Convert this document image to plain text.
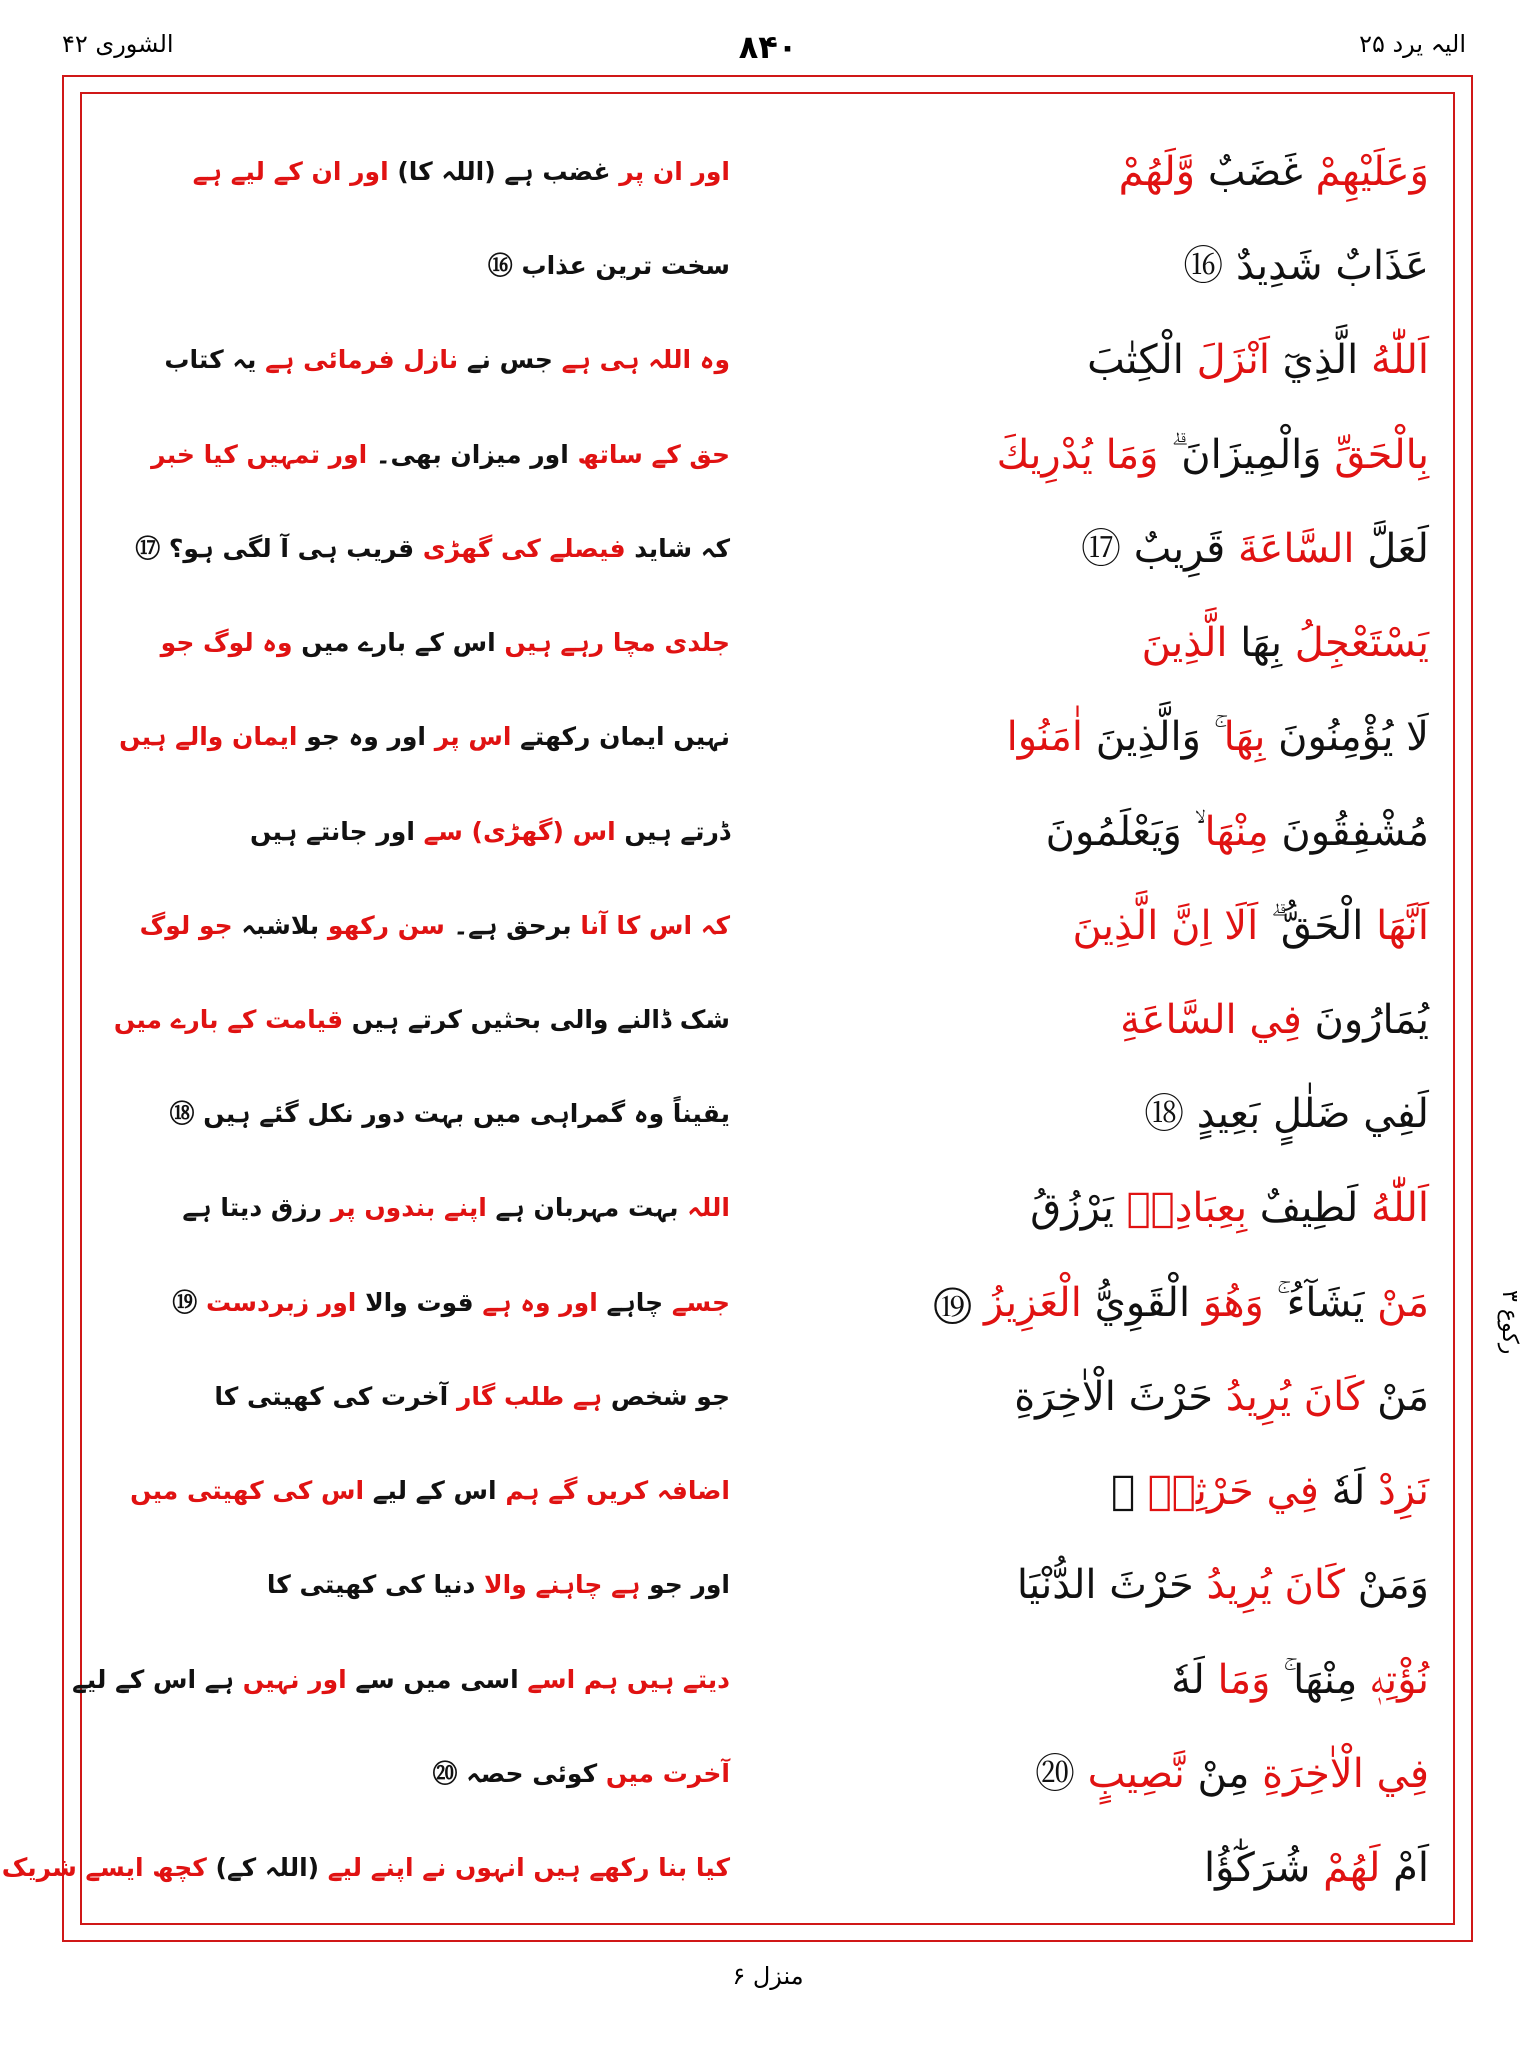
الیہ یرد ۲۵
۸۴۰
الشوری ۴۲
رکوع ۳
اور ان پر غضب ہے (اللہ کا) اور ان کے لیے ہے	وَعَلَيْهِمْ غَضَبٌ وَّلَهُمْ
سخت ترین عذاب ⑯	عَذَابٌ شَدِيدٌ ⑯
وہ اللہ ہی ہے جس نے نازل فرمائی ہے یہ کتاب	اَللّٰهُ الَّذِيٓ اَنْزَلَ الْكِتٰبَ
حق کے ساتھ اور میزان بھی۔ اور تمہیں کیا خبر	بِالْحَقِّ وَالْمِيزَانَ ۗ وَمَا يُدْرِيكَ
کہ شاید فیصلے کی گھڑی قریب ہی آ لگی ہو؟ ⑰	لَعَلَّ السَّاعَةَ قَرِيبٌ ⑰
جلدی مچا رہے ہیں اس کے بارے میں وہ لوگ جو	يَسْتَعْجِلُ بِهَا الَّذِينَ
نہیں ایمان رکھتے اس پر اور وہ جو ایمان والے ہیں	لَا يُؤْمِنُونَ بِهَا ۚ وَالَّذِينَ اٰمَنُوا
ڈرتے ہیں اس (گھڑی) سے اور جانتے ہیں	مُشْفِقُونَ مِنْهَا ۙ وَيَعْلَمُونَ
کہ اس کا آنا برحق ہے۔ سن رکھو بلاشبہ جو لوگ	اَنَّهَا الْحَقُّ ۗ اَلَا اِنَّ الَّذِينَ
شک ڈالنے والی بحثیں کرتے ہیں قیامت کے بارے میں	يُمَارُونَ فِي السَّاعَةِ
یقیناً وہ گمراہی میں بہت دور نکل گئے ہیں ⑱	لَفِي ضَلٰلٍ بَعِيدٍ ⑱
اللہ بہت مہربان ہے اپنے بندوں پر رزق دیتا ہے	اَللّٰهُ لَطِيفٌ بِعِبَادِهٖ يَرْزُقُ
جسے چاہے اور وہ ہے قوت والا اور زبردست ⑲	مَنْ يَشَآءُ ۚ وَهُوَ الْقَوِيُّ الْعَزِيزُ ⑲
جو شخص ہے طلب گار آخرت کی کھیتی کا	مَنْ كَانَ يُرِيدُ حَرْثَ الْاٰخِرَةِ
اضافہ کریں گے ہم اس کے لیے اس کی کھیتی میں	نَزِدْ لَهٗ فِي حَرْثِهٖ ۚ
اور جو ہے چاہنے والا دنیا کی کھیتی کا	وَمَنْ كَانَ يُرِيدُ حَرْثَ الدُّنْيَا
دیتے ہیں ہم اسے اسی میں سے اور نہیں ہے اس کے لیے	نُؤْتِهٖ مِنْهَا ۚ وَمَا لَهٗ
آخرت میں کوئی حصہ ⑳	فِي الْاٰخِرَةِ مِنْ نَّصِيبٍ ⑳
کیا بنا رکھے ہیں انہوں نے اپنے لیے (اللہ کے) کچھ ایسے شریک	اَمْ لَهُمْ شُرَكٰٓؤُا
منزل ۶
